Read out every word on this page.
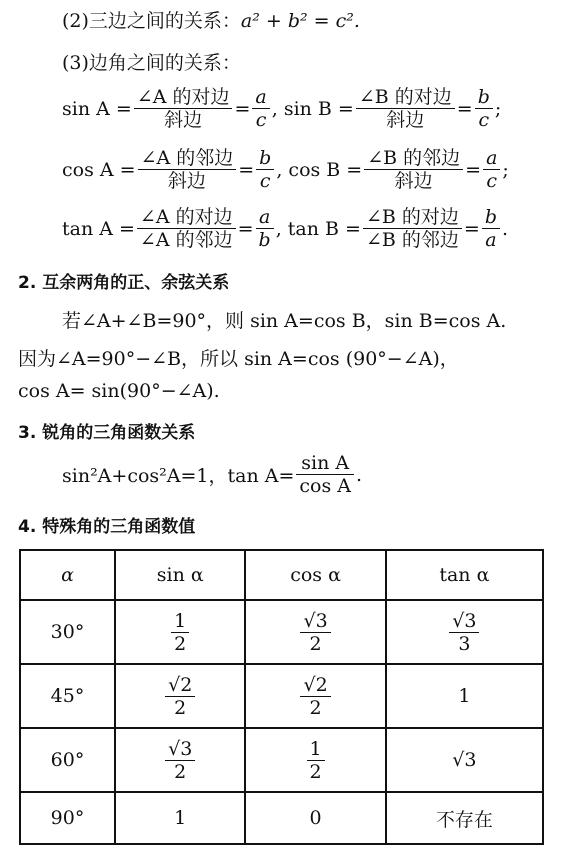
(2)三边之间的关系：a² + b² = c².
(3)边角之间的关系：
$\sin A = \frac{\text{∠A 的对边}}{\text{斜边}} = \frac{a}{c}$ , $\sin B = \frac{\text{∠B 的对边}}{\text{斜边}} = \frac{b}{c}$ ;
$\cos A = \frac{\text{∠A 的邻边}}{\text{斜边}} = \frac{b}{c}$ , $\cos B = \frac{\text{∠B 的邻边}}{\text{斜边}} = \frac{a}{c}$ ;
$\tan A = \frac{\text{∠A 的对边}}{\text{∠A 的邻边}} = \frac{a}{b}$ , $\tan B = \frac{\text{∠B 的对边}}{\text{∠B 的邻边}} = \frac{b}{a}$ .
2. 互余两角的正、余弦关系
若∠A+∠B=90°，则 sin A=cos B，sin B=cos A.
因为∠A=90°−∠B，所以 sin A=cos (90°−∠A)，
cos A= sin(90°−∠A).
3. 锐角的三角函数关系
sin²A+cos²A=1，$\tan A= \frac{\text{sin A}}{\text{cos A}}$ .
4. 特殊角的三角函数值
α	sin α	cos α	tan α
30°	$\frac{1}{2}$	$\frac{√3}{2}$	$\frac{√3}{3}$

45°	$\frac{√2}{2}$	$\frac{√2}{2}$	1
60°	$\frac{√3}{2}$	$\frac{1}{2}$	√3
90°	1	0	不存在
